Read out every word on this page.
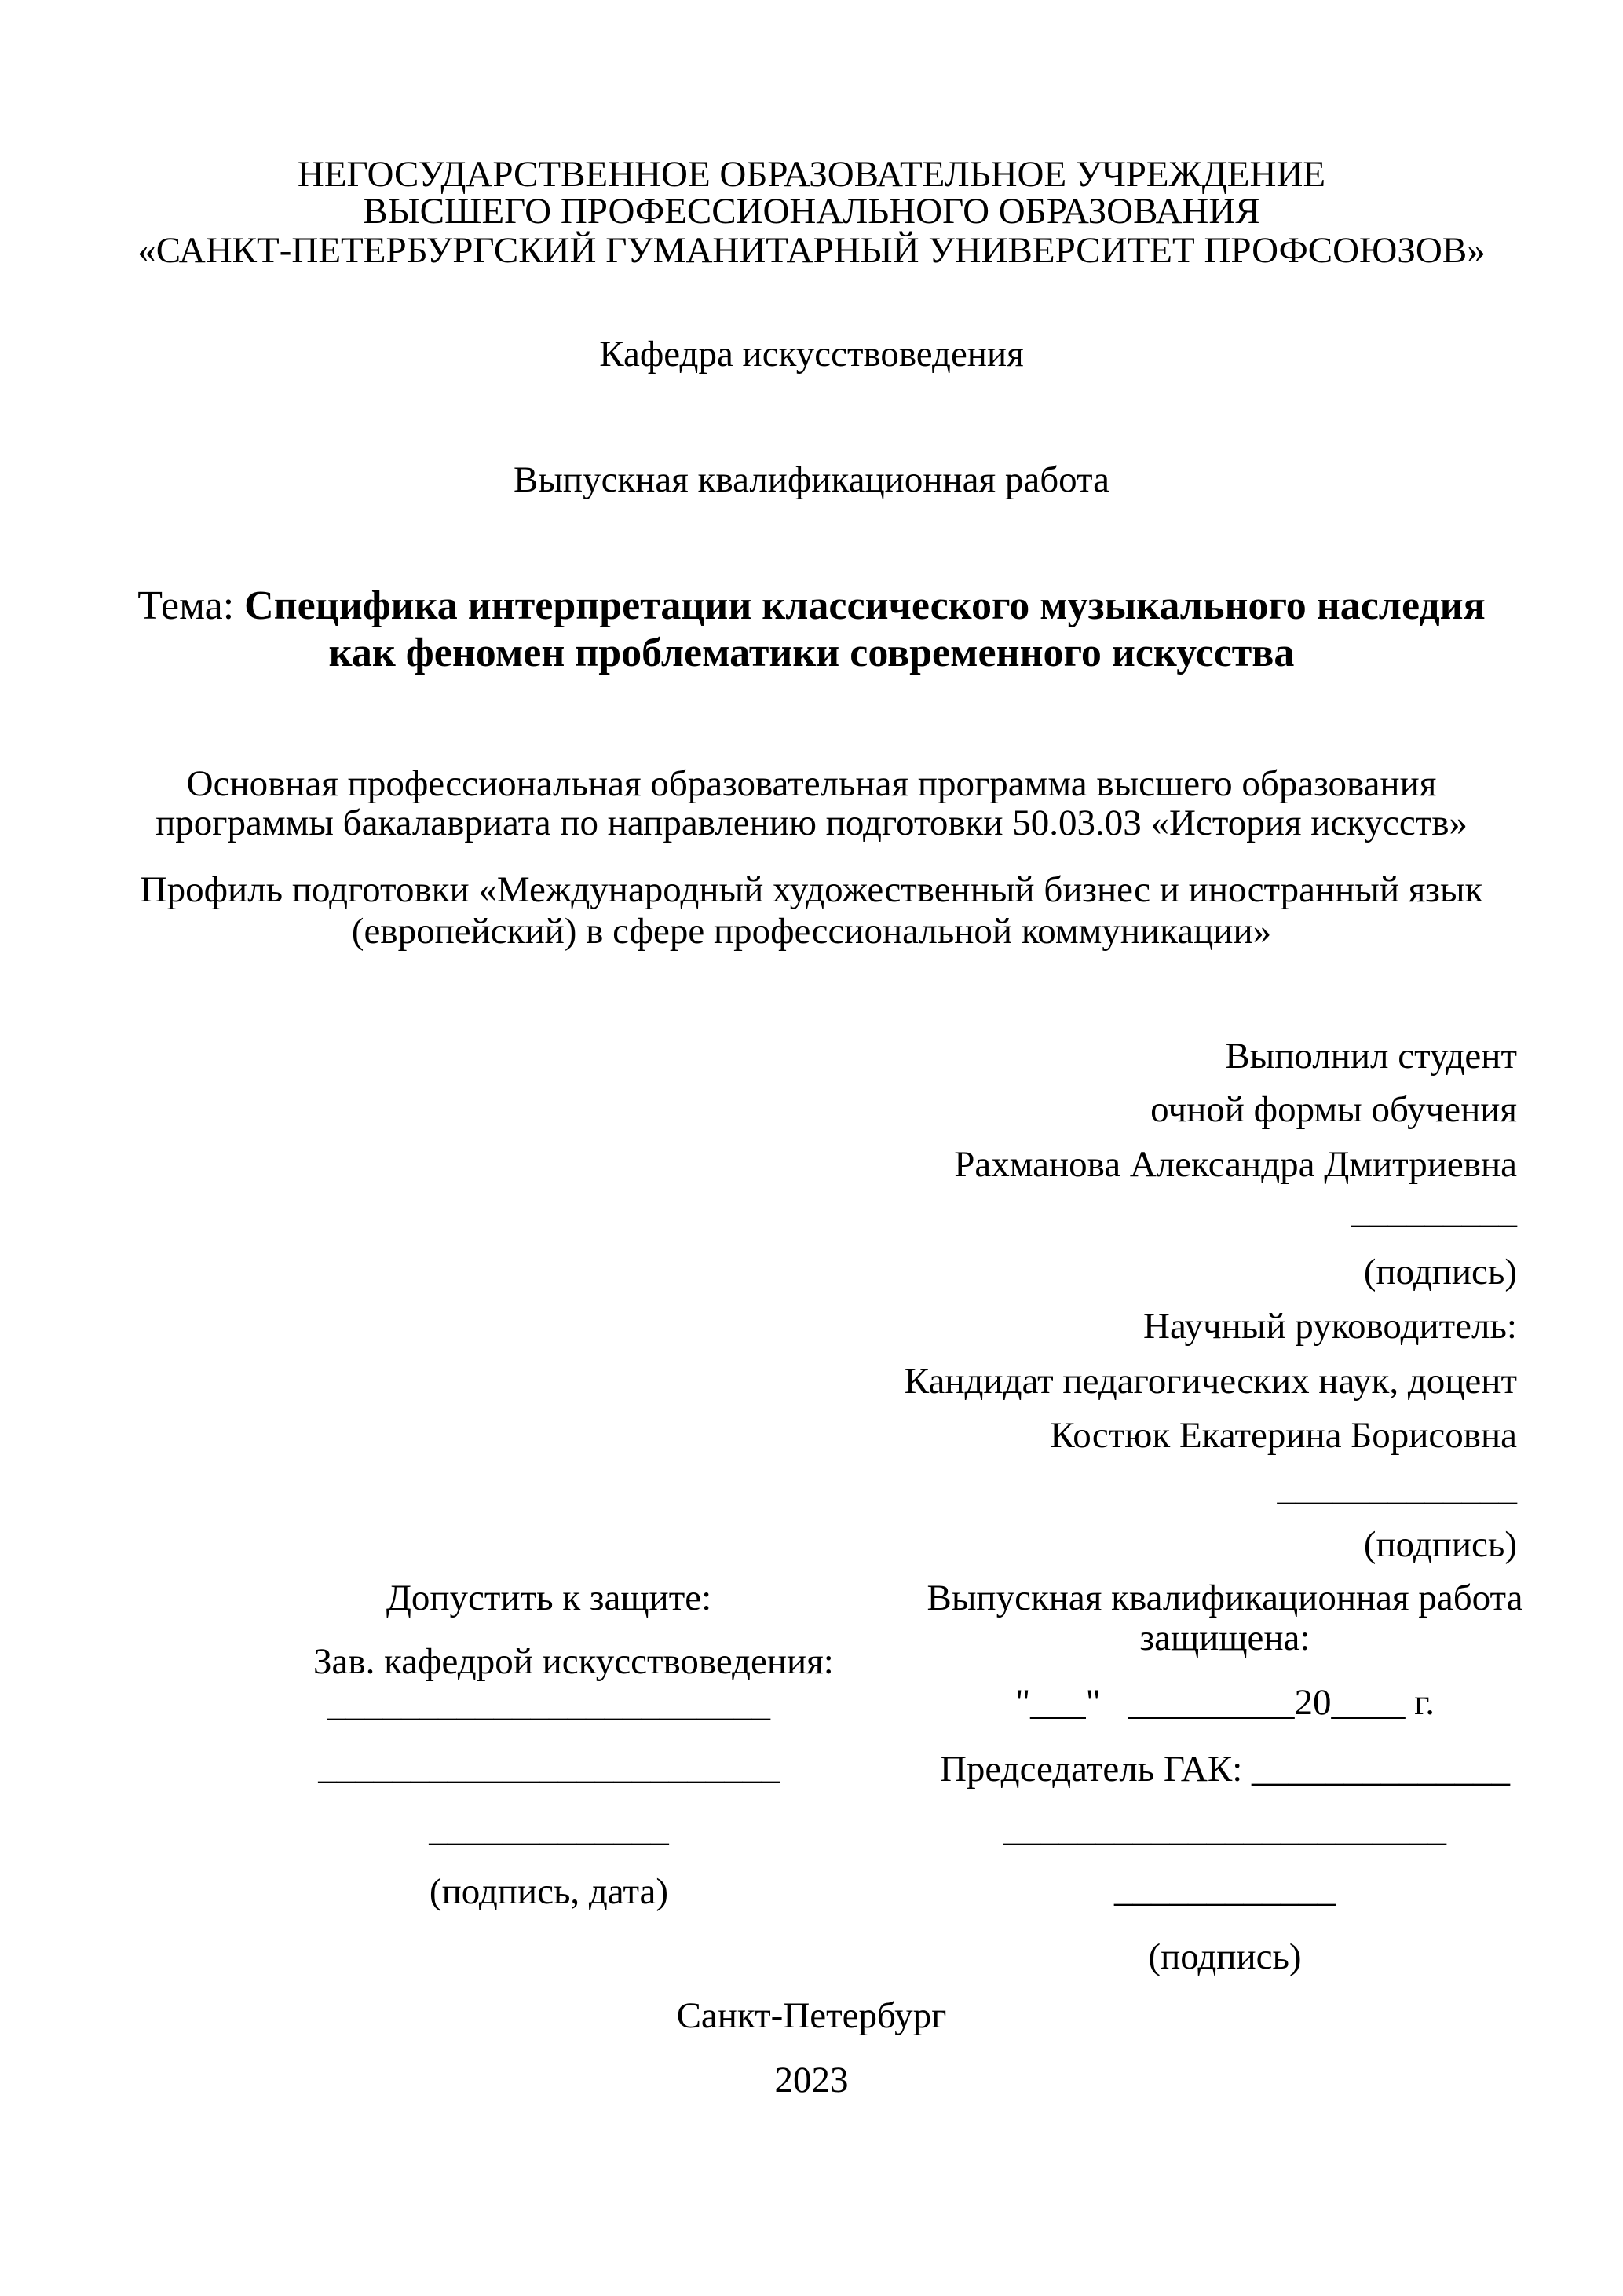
НЕГОСУДАРСТВЕННОЕ ОБРАЗОВАТЕЛЬНОЕ УЧРЕЖДЕНИЕ
ВЫСШЕГО ПРОФЕССИОНАЛЬНОГО ОБРАЗОВАНИЯ
«САНКТ-ПЕТЕРБУРГСКИЙ ГУМАНИТАРНЫЙ УНИВЕРСИТЕТ ПРОФСОЮЗОВ»
Кафедра искусствоведения
Выпускная квалификационная работа
Тема: Специфика интерпретации классического музыкального наследия
как феномен проблематики современного искусства
Основная профессиональная образовательная программа высшего образования
программы бакалавриата по направлению подготовки 50.03.03 «История искусств»
Профиль подготовки «Международный художественный бизнес и иностранный язык
(европейский) в сфере профессиональной коммуникации»
Выполнил студент
очной формы обучения
Рахманова Александра Дмитриевна
_________
(подпись)
Научный руководитель:
Кандидат педагогических наук, доцент
Костюк Екатерина Борисовна
_____________
(подпись)
Допустить к защите:
Зав. кафедрой искусствоведения:
________________________
_________________________
_____________
(подпись, дата)
Выпускная квалификационная работа
защищена:
"___"   _________20____ г.
Председатель ГАК: ______________
________________________
____________
(подпись)
Санкт-Петербург
2023
